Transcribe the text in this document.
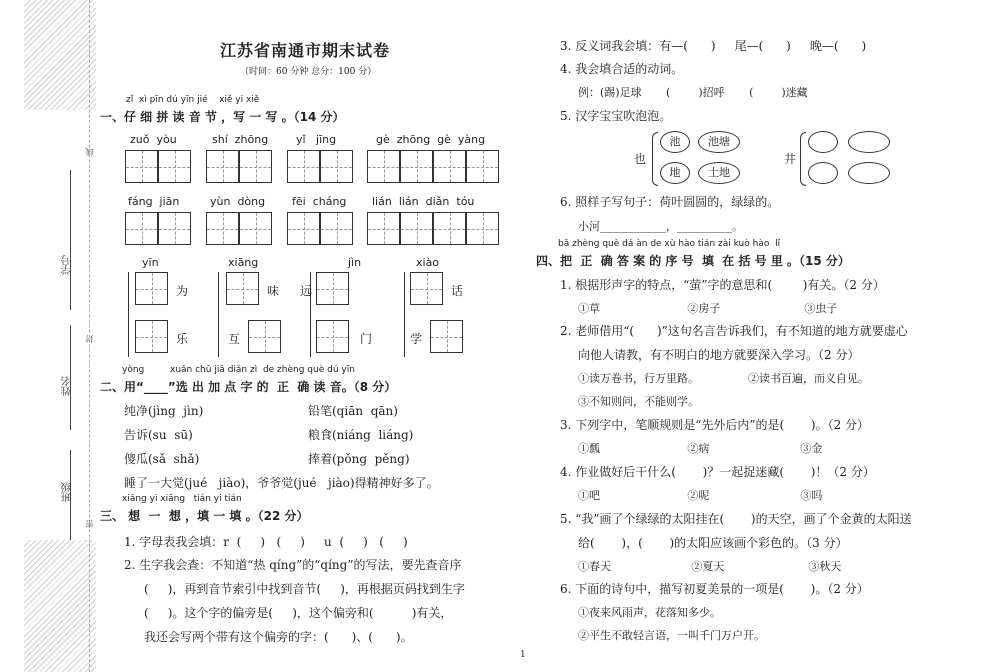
学号
姓名
班级
线
封
密
江苏省南通市期末试卷
（时间：60 分钟 总分：100 分）
zǐ  xì pīn dú yīn jié    xiě yi xiě
一、仔 细 拼 读 音 节 ，写 一 写 。（14 分）
zuǒ  yòu	shí  zhōng	yǐ   jīng	gè  zhōng  gè  yàng
fáng  jiān	yùn  dòng fēi  cháng lián  lián  diǎn  tóu
yīn	xiāng	jìn	xiào
为	味 远	话
乐	互	门	学
yòng         xuǎn chū jiā diǎn zì  de zhèng què dú yīn
二、用“____”选 出 加 点 字 的  正  确 读 音。（8 分）
纯净(jìng  jìn)	铅笔(qiān  qān)
告诉(su  sū)	粮食(niáng  liáng)
傻瓜(sǎ  shǎ)	捧着(pǒng  pěng)
睡了一大觉(jué   jiào)，爷爷觉(jué   jiào)得精神好多了。
xiǎng yi xiǎng   tián yi tián
三、 想  一  想 ，填 一 填 。（22 分）
1. 字母表我会填：r  (     )   (     )     u  (     )   (     )
2. 生字我会查：不知道“热 qíng”的“qíng”的写法，要先查音序
(     )，再到音节索引中找到音节(     )，再根据页码找到生字
(     )。这个字的偏旁是(     )，这个偏旁和(          )有关，
我还会写两个带有这个偏旁的字：(      )、(      )。
3. 反义词我会填：有—(      )     尾—(      )     晚—(      )
4. 我会填合适的动词。
例：(踢)足球       (        )招呼       (        )迷藏
5. 汉字宝宝吹泡泡。
也
池	池塘
地	土地
井
6. 照样子写句子：荷叶圆圆的，绿绿的。
小河____________，__________。
bǎ zhèng què dá àn de xù hào tián zài kuò hào  lǐ
四、把  正  确 答 案 的 序 号  填  在 括 号 里 。（15 分）
1. 根据形声字的特点，“萤”字的意思和(        )有关。（2 分）
①草                         ②房子                        ③虫子
2. 老师借用“(      )”这句名言告诉我们，有不知道的地方就要虚心
向他人请教，有不明白的地方就要深入学习。（2 分）
①读万卷书，行万里路。              ②读书百遍，而义自见。
③不知则问，不能则学。
3. 下列字中，笔顺规则是“先外后内”的是(       )。（2 分）
①瓢                         ②病                          ③金
4. 作业做好后干什么(       )？一起捉迷藏(       )！（2 分）
①吧                         ②呢                          ③吗
5. “我”画了个绿绿的太阳挂在(       )的天空，画了个金黄的太阳送
给(       )，(       )的太阳应该画个彩色的。（3 分）
①春天                       ②夏天                        ③秋天
6. 下面的诗句中，描写初夏美景的一项是(       )。（2 分）
①夜来风雨声，花落知多少。
②平生不敢轻言语，一叫千门万户开。
1
